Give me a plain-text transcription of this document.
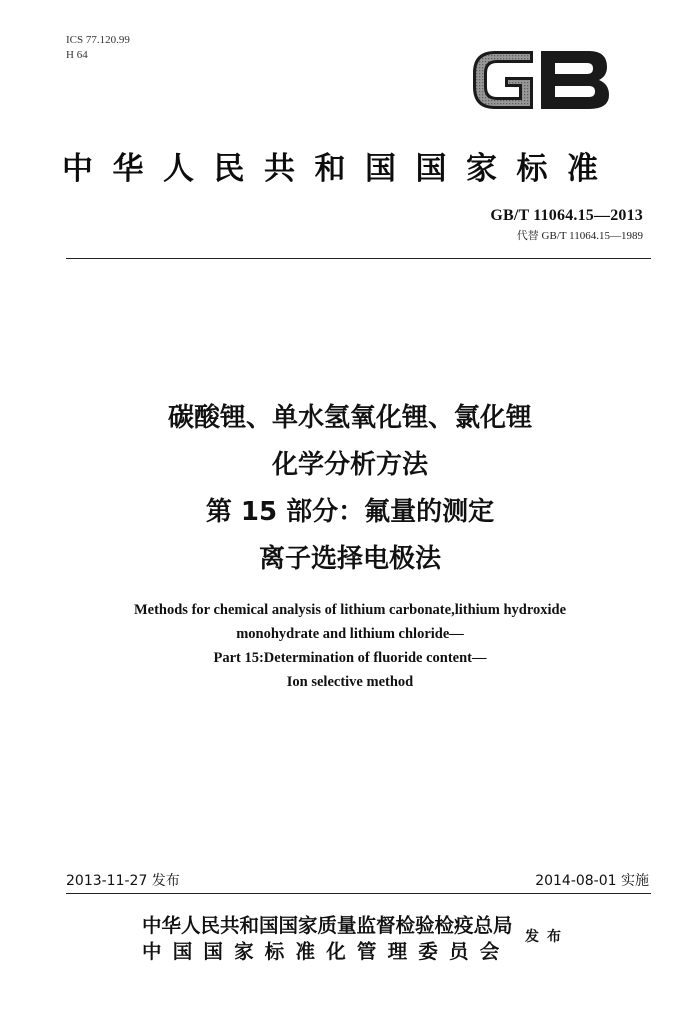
ICS 77.120.99
H 64
中华人民共和国国家标准
GB/T 11064.15—2013
代替 GB/T 11064.15—1989
碳酸锂、单水氢氧化锂、氯化锂
化学分析方法
第 15 部分：氟量的测定
离子选择电极法
Methods for chemical analysis of lithium carbonate,lithium hydroxide
monohydrate and lithium chloride—
Part 15:Determination of fluoride content—
Ion selective method
2013-11-27 发布	2014-08-01 实施
中华人民共和国国家质量监督检验检疫总局
中国国家标准化管理委员会
发布
